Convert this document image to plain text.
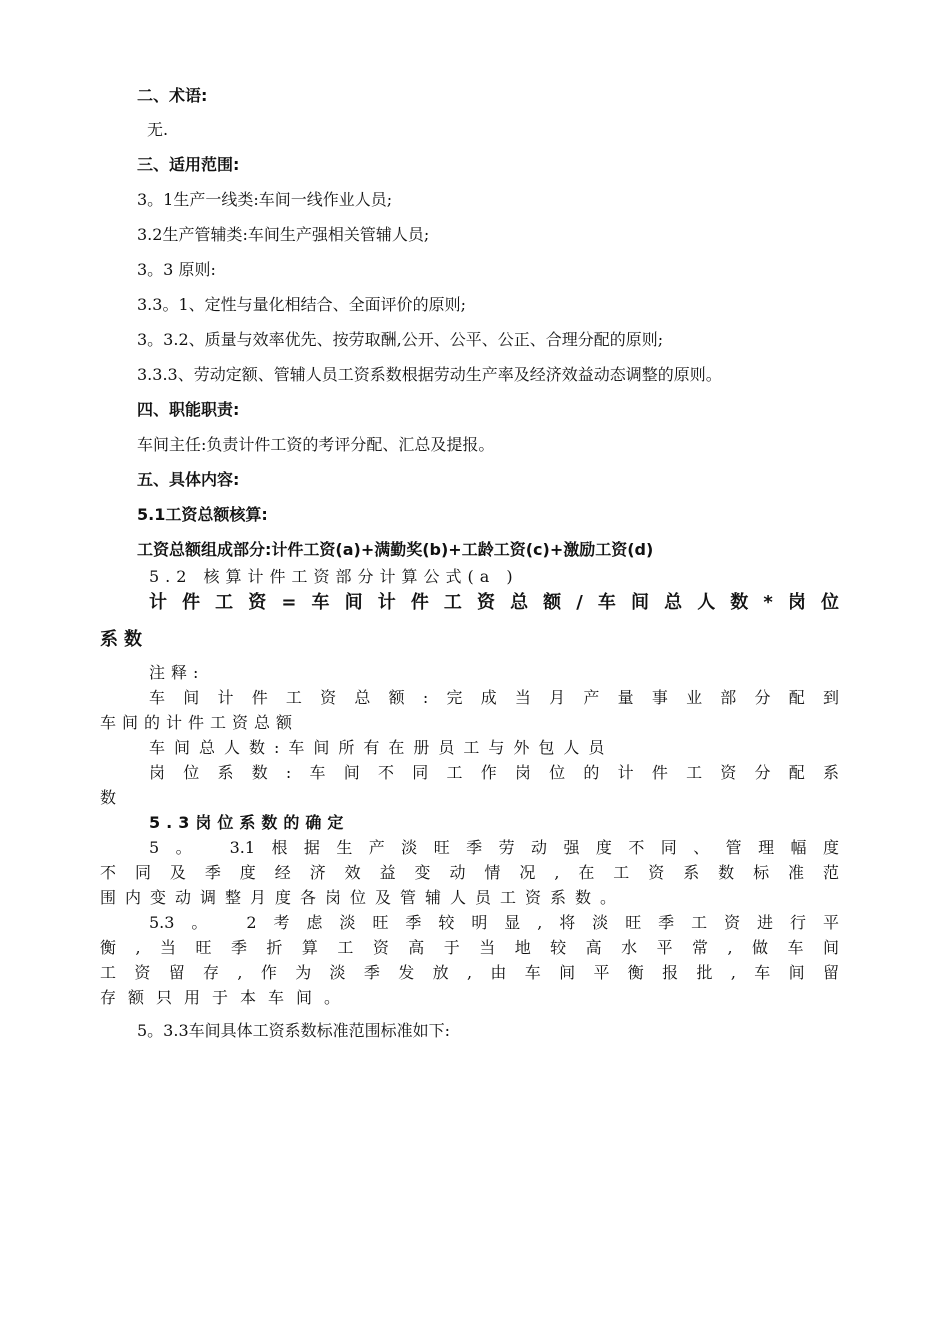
二、术语:
无.
三、适用范围:
3。1生产一线类:车间一线作业人员;
3.2生产管辅类:车间生产强相关管辅人员;
3。3 原则:
3.3。1、定性与量化相结合、全面评价的原则;
3。3.2、质量与效率优先、按劳取酬,公开、公平、公正、合理分配的原则;
3.3.3、劳动定额、管辅人员工资系数根据劳动生产率及经济效益动态调整的原则。
四、职能职责:
车间主任:负责计件工资的考评分配、汇总及提报。
五、具体内容:
5.1工资总额核算:
工资总额组成部分:计件工资(a)+满勤奖(b)+工龄工资(c)+激励工资(d)
5.2 核算计件工资部分计算公式(a )
计件工资=车间计件工资总额/车间总人数*岗位
系数
注释:
车间计件工资总额:完成当月产量事业部分配到
车间的计件工资总额
车间总人数:车间所有在册员工与外包人员
岗位系数:车间不同工作岗位的计件工资分配系
数
5.3岗位系数的确定
5。 3.1根据生产淡旺季劳动强度不同、管理幅度
不同及季度经济效益变动情况,在工资系数标准范
围内变动调整月度各岗位及管辅人员工资系数。
5.3。 2考虑淡旺季较明显,将淡旺季工资进行平
衡,当旺季折算工资高于当地较高水平常,做车间
工资留存,作为淡季发放,由车间平衡报批,车间留
存额只用于本车间。
5。3.3车间具体工资系数标准范围标准如下:
